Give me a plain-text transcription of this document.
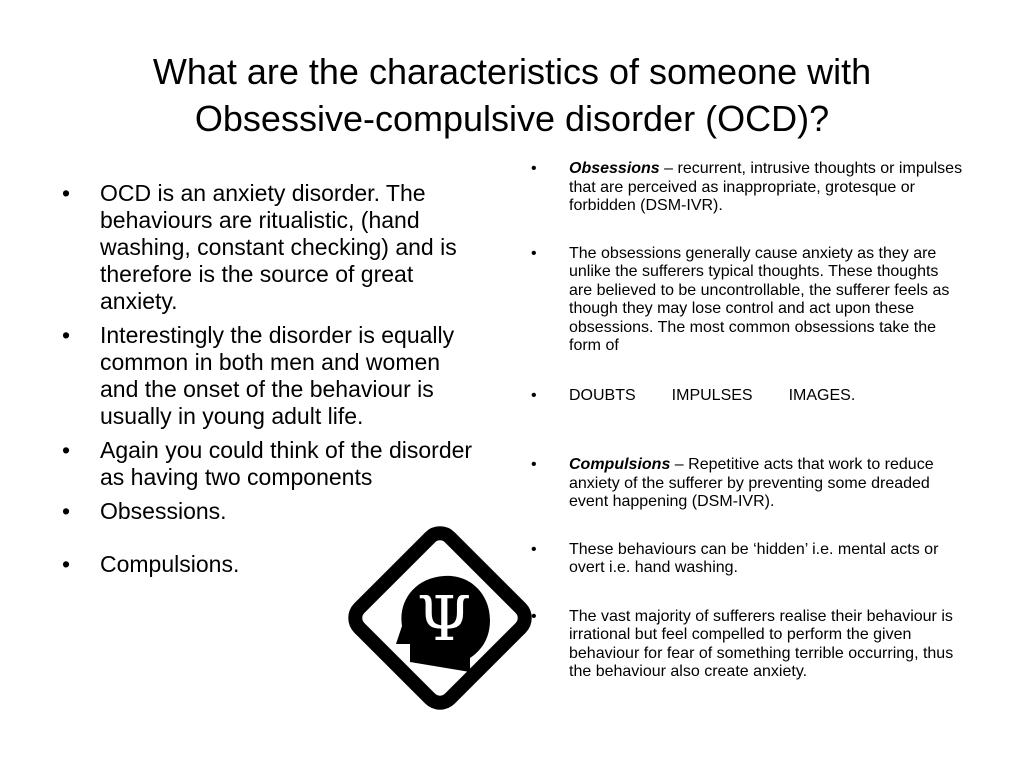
What are the characteristics of someone with
Obsessive-compulsive disorder (OCD)?
• OCD is an anxiety disorder. The behaviours are ritualistic, (hand washing, constant checking) and is therefore is the source of great anxiety.
• Interestingly the disorder is equally common in both men and women and the onset of the behaviour is usually in young adult life.
• Again you could think of the disorder as having two components
• Obsessions.
• Compulsions.
• Obsessions – recurrent, intrusive thoughts or impulses that are perceived as inappropriate, grotesque or forbidden (DSM-IVR).
• The obsessions generally cause anxiety as they are unlike the sufferers typical thoughts. These thoughts are believed to be uncontrollable, the sufferer feels as though they may lose control and act upon these obsessions. The most common obsessions take the form of
• DOUBTS IMPULSES IMAGES.
• Compulsions – Repetitive acts that work to reduce anxiety of the sufferer by preventing some dreaded event happening (DSM-IVR).
• These behaviours can be ‘hidden’ i.e. mental acts or overt i.e. hand washing.
• The vast majority of sufferers realise their behaviour is irrational but feel compelled to perform the given behaviour for fear of something terrible occurring, thus the behaviour also create anxiety.
Ψ
